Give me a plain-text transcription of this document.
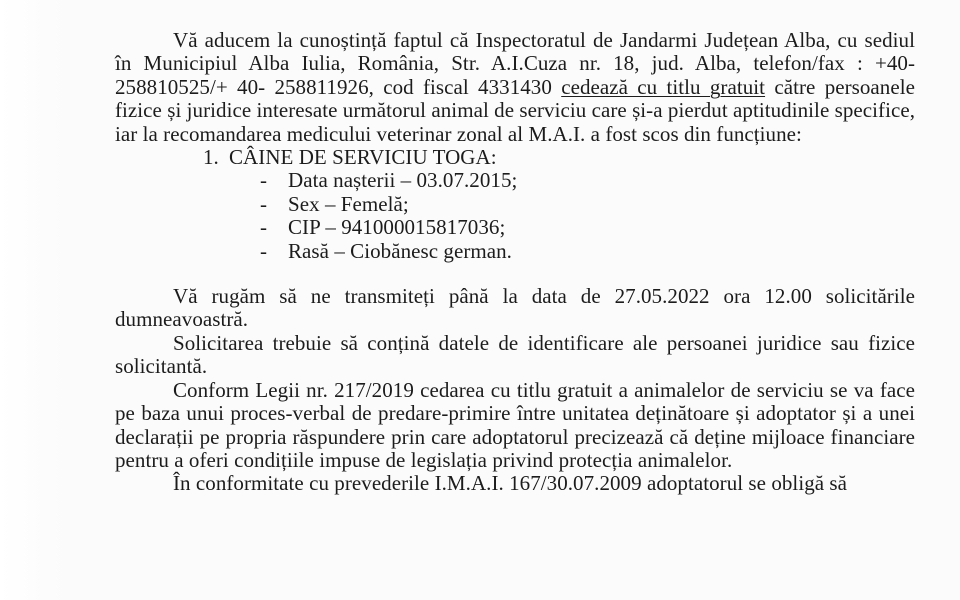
Vă aducem la cunoștință faptul că Inspectoratul de Jandarmi Județean Alba, cu sediul în Municipiul Alba Iulia, România, Str. A.I.Cuza nr. 18, jud. Alba, telefon/fax : +40- 258810525/+ 40- 258811926, cod fiscal 4331430 cedează cu titlu gratuit către persoanele fizice și juridice interesate următorul animal de serviciu care și-a pierdut aptitudinile specifice, iar la recomandarea medicului veterinar zonal al M.A.I. a fost scos din funcțiune:

1. CÂINE DE SERVICIU TOGA:

- Data nașterii – 03.07.2015;
- Sex – Femelă;
- CIP – 941000015817036;
- Rasă – Ciobănesc german.

Vă rugăm să ne transmiteți până la data de 27.05.2022 ora 12.00 solicitările dumneavoastră.

Solicitarea trebuie să conțină datele de identificare ale persoanei juridice sau fizice solicitantă.

Conform Legii nr. 217/2019 cedarea cu titlu gratuit a animalelor de serviciu se va face pe baza unui proces-verbal de predare-primire între unitatea deținătoare și adoptator și a unei declarații pe propria răspundere prin care adoptatorul precizează că deține mijloace financiare pentru a oferi condițiile impuse de legislația privind protecția animalelor.

În conformitate cu prevederile I.M.A.I. 167/30.07.2009 adoptatorul se obligă să
